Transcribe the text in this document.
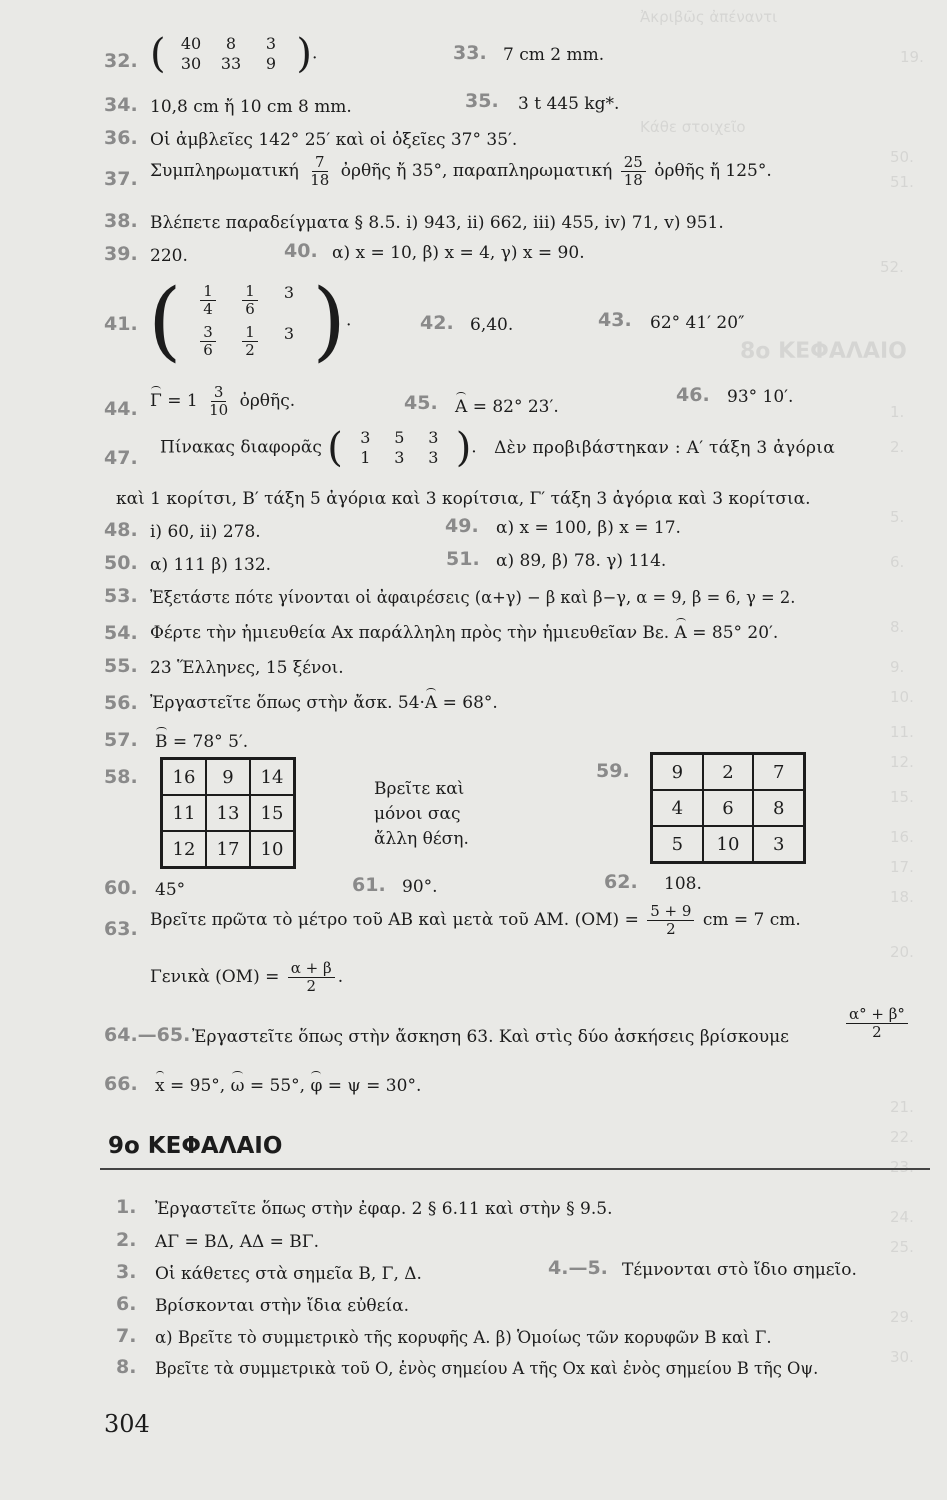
Ἀκριβῶς ἀπέναντι
19.
Κάθε στοιχεῖο
50.
51.
52.
8ο ΚΕΦΑΛΑΙΟ
1.
2.
5.
6.
8.
9.
10.
11.
12.
15.
16.
17.
18.
20.
21.
22.
23.
24.
25.
29.
30.
32. ( 40	8	3
30	33	9 ).	33. 7 cm 2 mm.
34. 10,8 cm ἤ 10 cm 8 mm.	35. 3 t 445 kg*.
36. Οἱ ἀμβλεῖες 142° 25′ καὶ οἱ ὀξεῖες 37° 35′.
37. Συμπληρωματική $\frac{7}{18}$ ὀρθῆς ἤ 35°, παραπληρωματική $\frac{25}{18}$ ὀρθῆς ἤ 125°.
38. Βλέπετε παραδείγματα § 8.5. i) 943, ii) 662, iii) 455, iv) 71, v) 951.
39. 220.	40. α) x = 10, β) x = 4, γ) x = 90.
41. ( $\frac{1}{4} \frac{1}{6} 3$
$\frac{3}{6} \frac{1}{2} 3$ ).	42. 6,40.	43. 62° 41′ 20″
44. $\Gamma = 1 \frac{3}{10}$ ὀρθῆς.	45. A = 82° 23′.
46. 93° 10′.
47. Πίνακας διαφορᾶς (	3	5	3
1	3	3 ). Δὲν προβιβάστηκαν : Α′ τάξη 3 ἀγόρια
καὶ 1 κορίτσι, Β′ τάξη 5 ἀγόρια καὶ 3 κορίτσια, Γ′ τάξη 3 ἀγόρια καὶ 3 κορίτσια.
48. i) 60, ii) 278.	49. α) x = 100, β) x = 17.
50. α) 111 β) 132.	51. α) 89, β) 78. γ) 114.
53. Ἐξετάστε πότε γίνονται οἱ ἀφαιρέσεις (α+γ) − β καὶ β−γ, α = 9, β = 6, γ = 2.
54. Φέρτε τὴν ἡμιευθεία Αx παράλληλη πρὸς τὴν ἡμιευθεῖαν Βε. A = 85° 20′.
55. 23 Ἕλληνες, 15 ξένοι.
56. Ἐργαστεῖτε ὅπως στὴν ἄσκ. 54·A = 68°.
57. B = 78° 5′.
58.	16	9	14
11	13	15
12	17	10
Βρεῖτε καὶ
μόνοι σας
ἄλλη θέση.
59.	9	2	7
4	6	8
5	10	3
60. 45°	61. 90°.	62. 108.
63. Βρεῖτε πρῶτα τὸ μέτρο τοῦ ΑΒ καὶ μετὰ τοῦ ΑΜ. $(OM) = \frac{5 + 9}{2}$ cm = 7 cm.
Γενικὰ $(OM) = \frac{\alpha + \beta}{2}$ .
64.—65. Ἐργαστεῖτε ὅπως στὴν ἄσκηση 63. Καὶ στὶς δύο ἀσκήσεις βρίσκουμε	$\frac{\alpha^\circ + \beta^\circ}{2}$
66. x = 95°, ω = 55°, φ = ψ = 30°.
9ο ΚΕΦΑΛΑΙΟ
1. Ἐργαστεῖτε ὅπως στὴν ἐφαρ. 2 § 6.11 καὶ στὴν § 9.5.
2. ΑΓ = ΒΔ, ΑΔ = ΒΓ.
3. Οἱ κάθετες στὰ σημεῖα Β, Γ, Δ.	4.—5. Τέμνονται στὸ ἴδιο σημεῖο.
6. Βρίσκονται στὴν ἴδια εὐθεία.
7. α) Βρεῖτε τὸ συμμετρικὸ τῆς κορυφῆς Α. β) Ὁμοίως τῶν κορυφῶν Β καὶ Γ.
8. Βρεῖτε τὰ συμμετρικὰ τοῦ Ο, ἑνὸς σημείου Α τῆς Οx καὶ ἑνὸς σημείου Β τῆς Οψ.
304
